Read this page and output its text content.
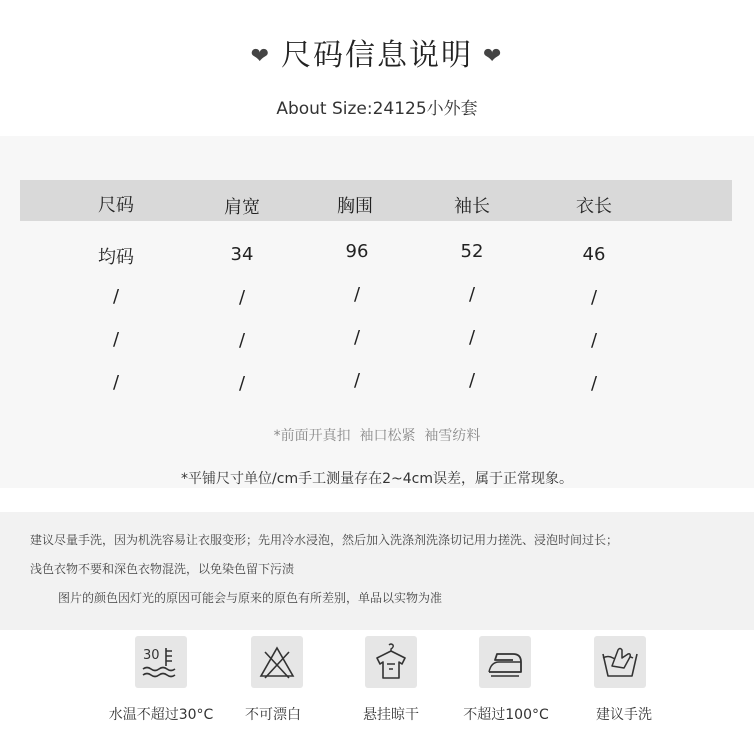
❤ 尺码信息说明 ❤
About Size:24125小外套
尺码	肩宽	胸围	袖长	衣长
均码	34	96	52	46
/	/	/	/	/
/	/	/	/	/
/	/	/	/	/
*前面开真扣  袖口松紧  袖雪纺料
*平铺尺寸单位/cm手工测量存在2~4cm误差，属于正常现象。
建议尽量手洗，因为机洗容易让衣服变形；先用冷水浸泡，然后加入洗涤剂洗涤切记用力搓洗、浸泡时间过长；
浅色衣物不要和深色衣物混洗，以免染色留下污渍
图片的颜色因灯光的原因可能会与原来的原色有所差别，单品以实物为准
30
水温不超过30°C	不可漂白	悬挂晾干	不超过100°C	建议手洗
